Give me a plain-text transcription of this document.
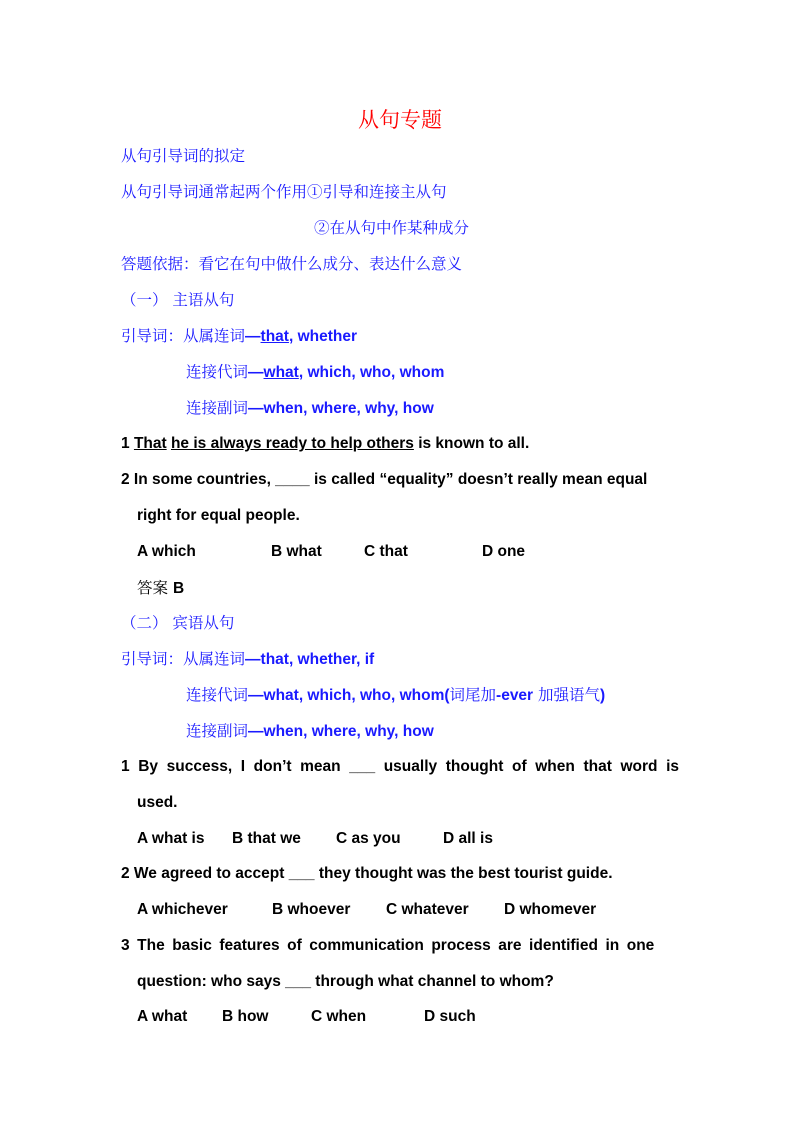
从句专题
从句引导词的拟定
从句引导词通常起两个作用①引导和连接主从句
②在从句中作某种成分
答题依据：看它在句中做什么成分、表达什么意义
（一） 主语从句
引导词：从属连词—that, whether
连接代词—what, which, who, whom
连接副词—when, where, why, how
1 That he is always ready to help others is known to all.
2 In some countries, ____ is called “equality” doesn’t really mean equal
right for equal people.
A which	B what	C that	D one
答案 B
（二） 宾语从句
引导词：从属连词—that, whether, if
连接代词—what, which, who, whom(词尾加-ever 加强语气)
连接副词—when, where, why, how
1 By success, I don’t mean ___ usually thought of when that word is
used.
A what is B that we C as you	D all is
2 We agreed to accept ___ they thought was the best tourist guide.
A whichever	B whoever C whatever D whomever
3 The basic features of communication process are identified in one
question: who says ___ through what channel to whom?
A what B how	C when	D such
